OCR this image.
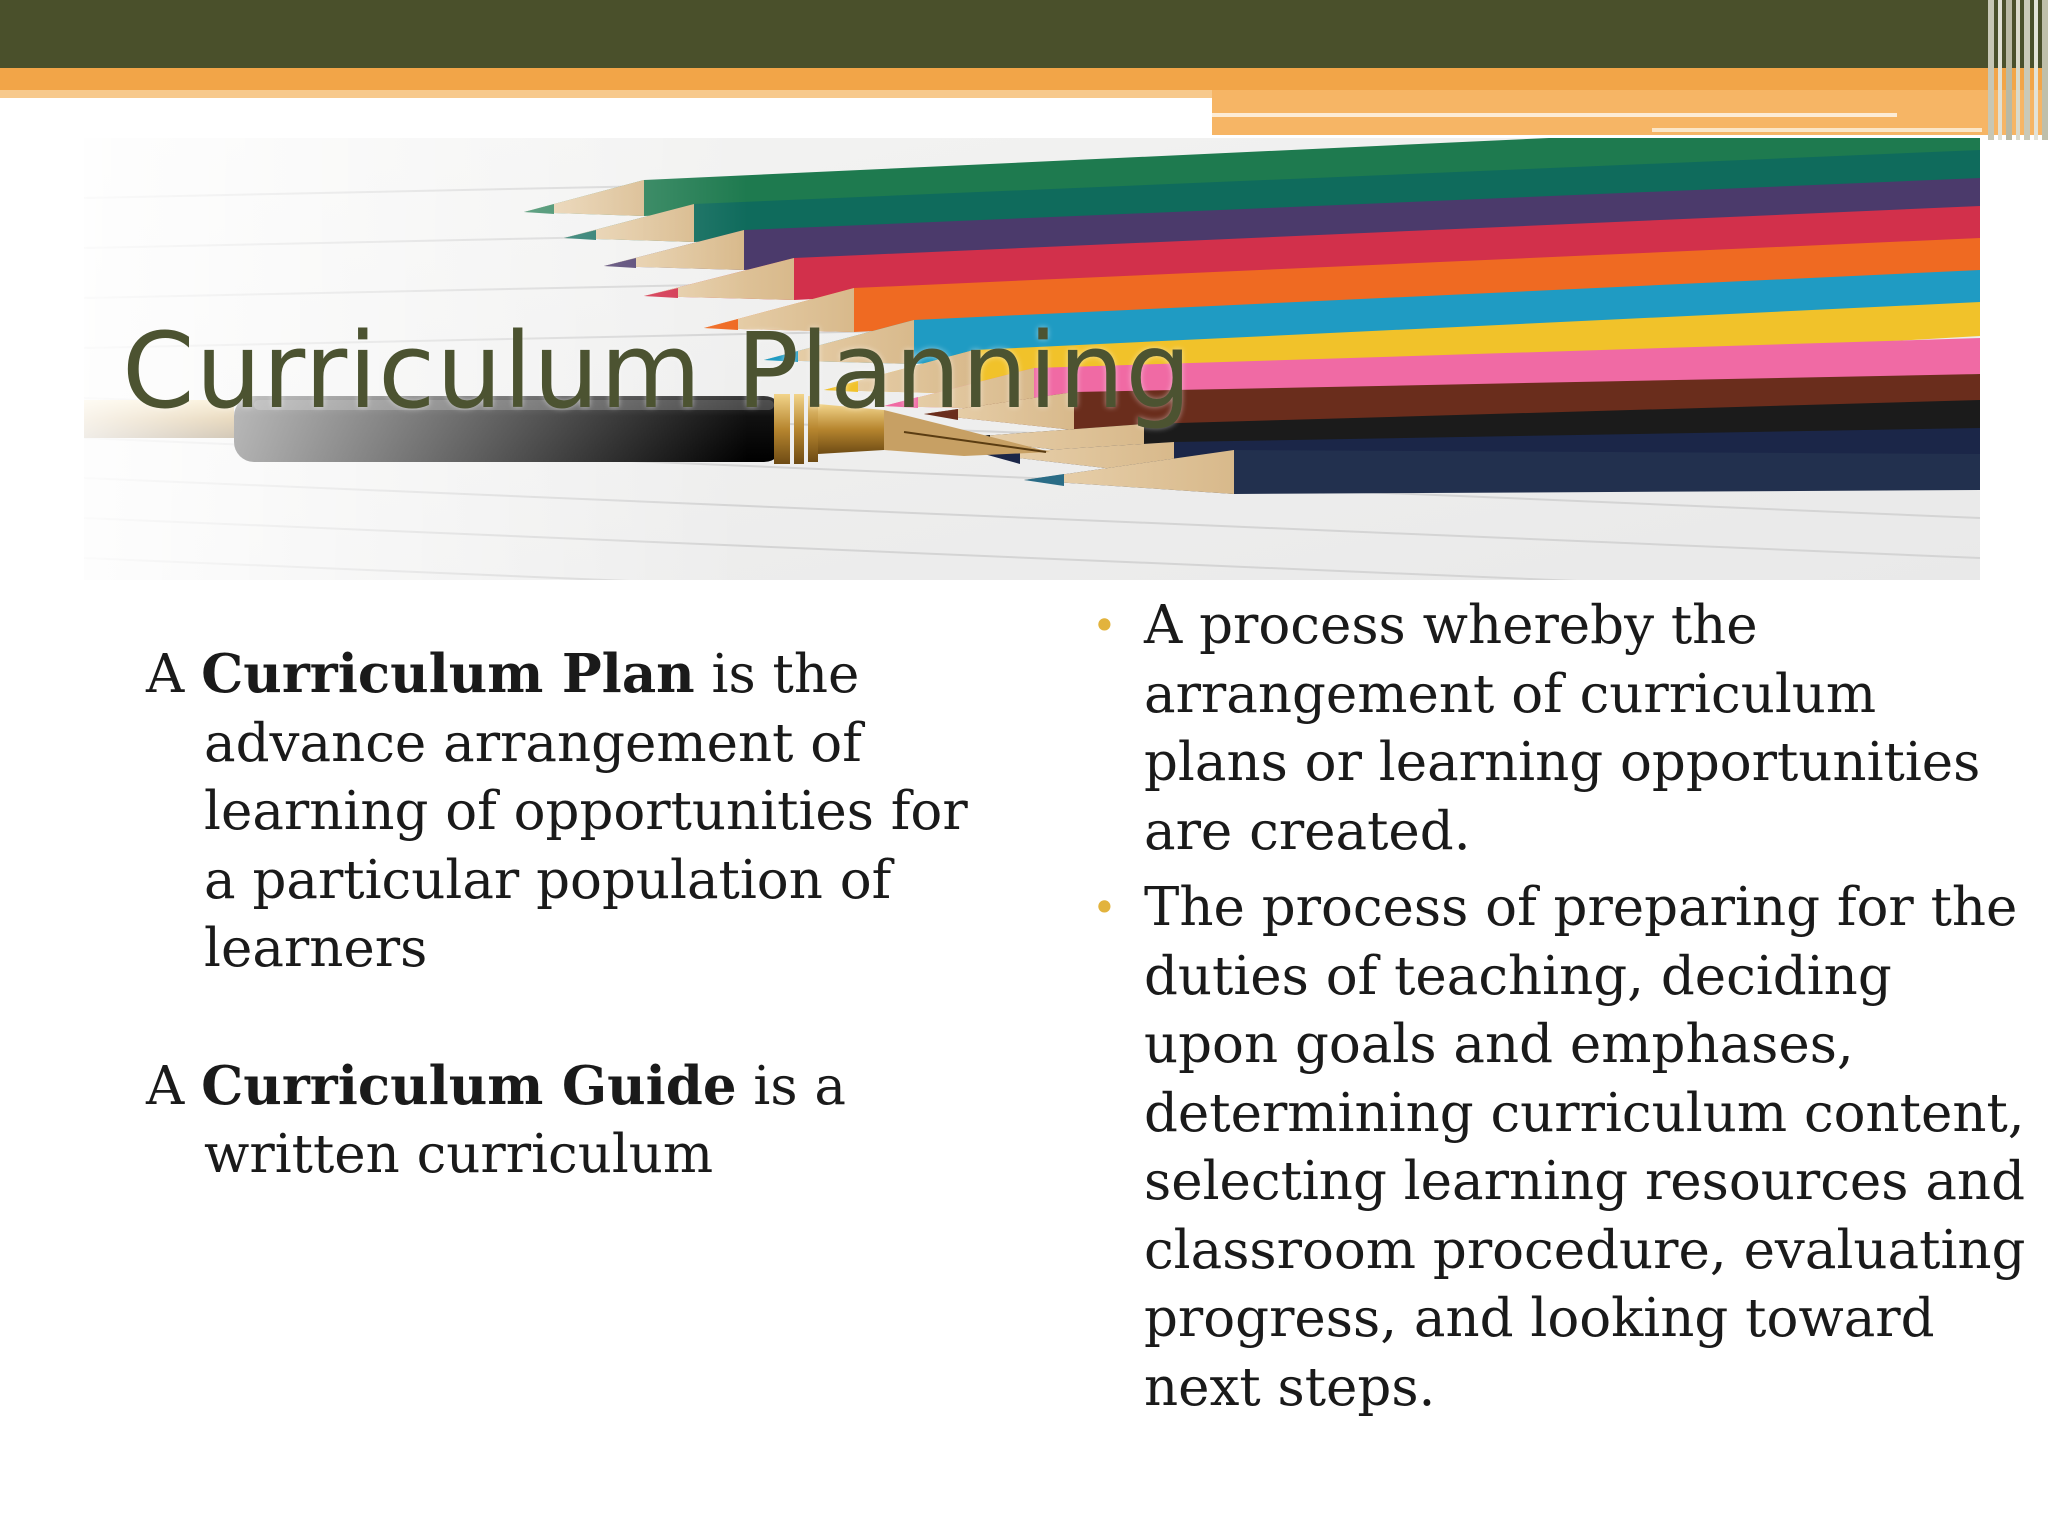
Curriculum Planning

A Curriculum Plan is the advance arrangement of learning of opportunities for a particular population of learners

A Curriculum Guide is a written curriculum

• A process whereby the arrangement of curriculum plans or learning opportunities are created.
• The process of preparing for the duties of teaching, deciding upon goals and emphases, determining curriculum content, selecting learning resources and classroom procedure, evaluating progress, and looking toward next steps.
